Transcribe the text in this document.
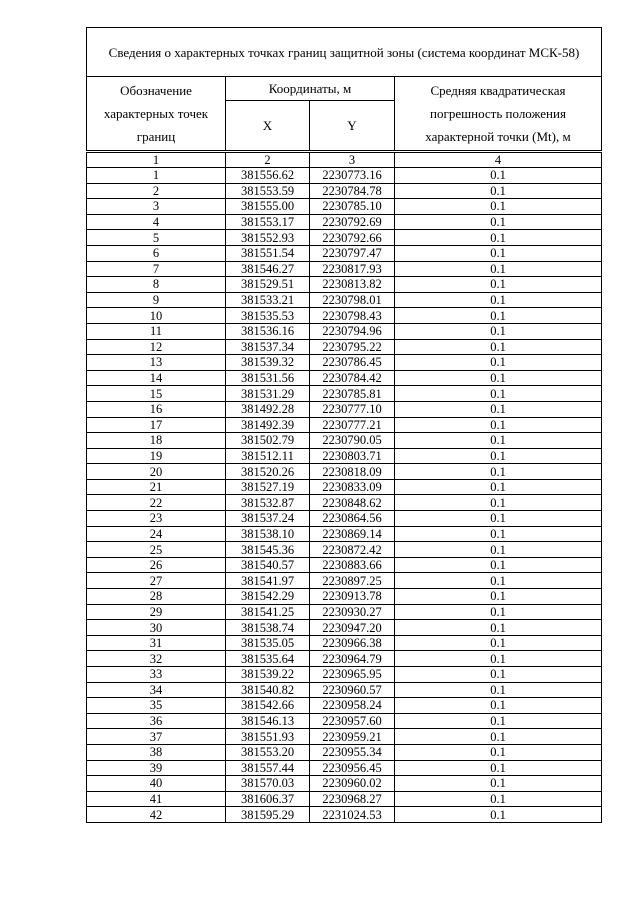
Сведения о характерных точках границ защитной зоны (система координат МСК-58)			
Обозначение характерных точек границ	Координаты, м		Средняя квадратическая погрешность положения характерной точки (Mt), м
	X	Y	
1	2	3	4
1	381556.62	2230773.16	0.1
2	381553.59	2230784.78	0.1
3	381555.00	2230785.10	0.1
4	381553.17	2230792.69	0.1
5	381552.93	2230792.66	0.1
6	381551.54	2230797.47	0.1
7	381546.27	2230817.93	0.1
8	381529.51	2230813.82	0.1
9	381533.21	2230798.01	0.1
10	381535.53	2230798.43	0.1
11	381536.16	2230794.96	0.1
12	381537.34	2230795.22	0.1
13	381539.32	2230786.45	0.1
14	381531.56	2230784.42	0.1
15	381531.29	2230785.81	0.1
16	381492.28	2230777.10	0.1
17	381492.39	2230777.21	0.1
18	381502.79	2230790.05	0.1
19	381512.11	2230803.71	0.1
20	381520.26	2230818.09	0.1
21	381527.19	2230833.09	0.1
22	381532.87	2230848.62	0.1
23	381537.24	2230864.56	0.1
24	381538.10	2230869.14	0.1
25	381545.36	2230872.42	0.1
26	381540.57	2230883.66	0.1
27	381541.97	2230897.25	0.1
28	381542.29	2230913.78	0.1
29	381541.25	2230930.27	0.1
30	381538.74	2230947.20	0.1
31	381535.05	2230966.38	0.1
32	381535.64	2230964.79	0.1
33	381539.22	2230965.95	0.1
34	381540.82	2230960.57	0.1
35	381542.66	2230958.24	0.1
36	381546.13	2230957.60	0.1
37	381551.93	2230959.21	0.1
38	381553.20	2230955.34	0.1
39	381557.44	2230956.45	0.1
40	381570.03	2230960.02	0.1
41	381606.37	2230968.27	0.1
42	381595.29	2231024.53	0.1
